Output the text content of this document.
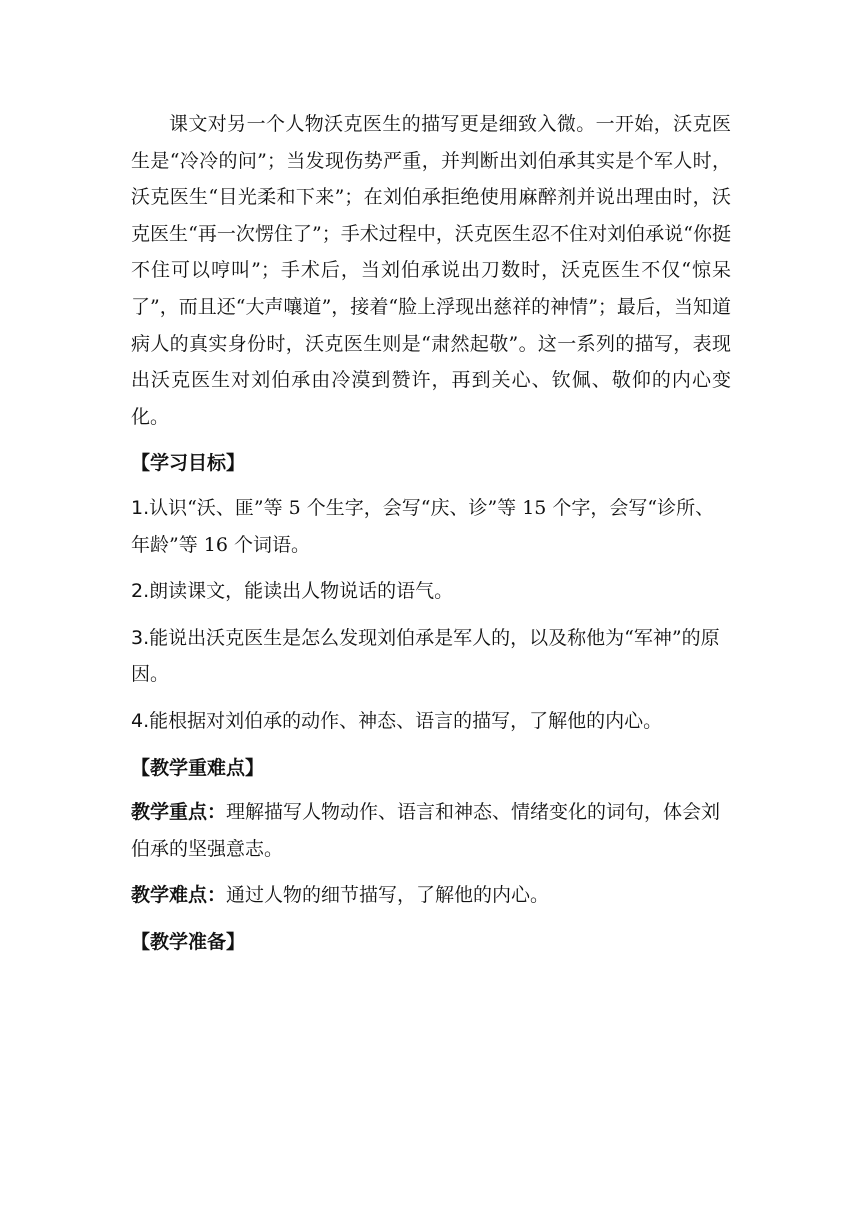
课文对另一个人物沃克医生的描写更是细致入微。一开始，沃克医生是“冷冷的问”；当发现伤势严重，并判断出刘伯承其实是个军人时，沃克医生“目光柔和下来”；在刘伯承拒绝使用麻醉剂并说出理由时，沃克医生“再一次愣住了”；手术过程中，沃克医生忍不住对刘伯承说“你挺不住可以哼叫”；手术后，当刘伯承说出刀数时，沃克医生不仅“惊呆了”，而且还“大声嚷道”，接着“脸上浮现出慈祥的神情”；最后，当知道病人的真实身份时，沃克医生则是“肃然起敬”。这一系列的描写，表现出沃克医生对刘伯承由冷漠到赞许，再到关心、钦佩、敬仰的内心变化。

【学习目标】
1.认识“沃、匪”等 5 个生字，会写“庆、诊”等 15 个字，会写“诊所、年龄”等 16 个词语。
2.朗读课文，能读出人物说话的语气。
3.能说出沃克医生是怎么发现刘伯承是军人的，以及称他为“军神”的原因。
4.能根据对刘伯承的动作、神态、语言的描写，了解他的内心。
【教学重难点】
教学重点：理解描写人物动作、语言和神态、情绪变化的词句，体会刘伯承的坚强意志。
教学难点：通过人物的细节描写，了解他的内心。
【教学准备】
